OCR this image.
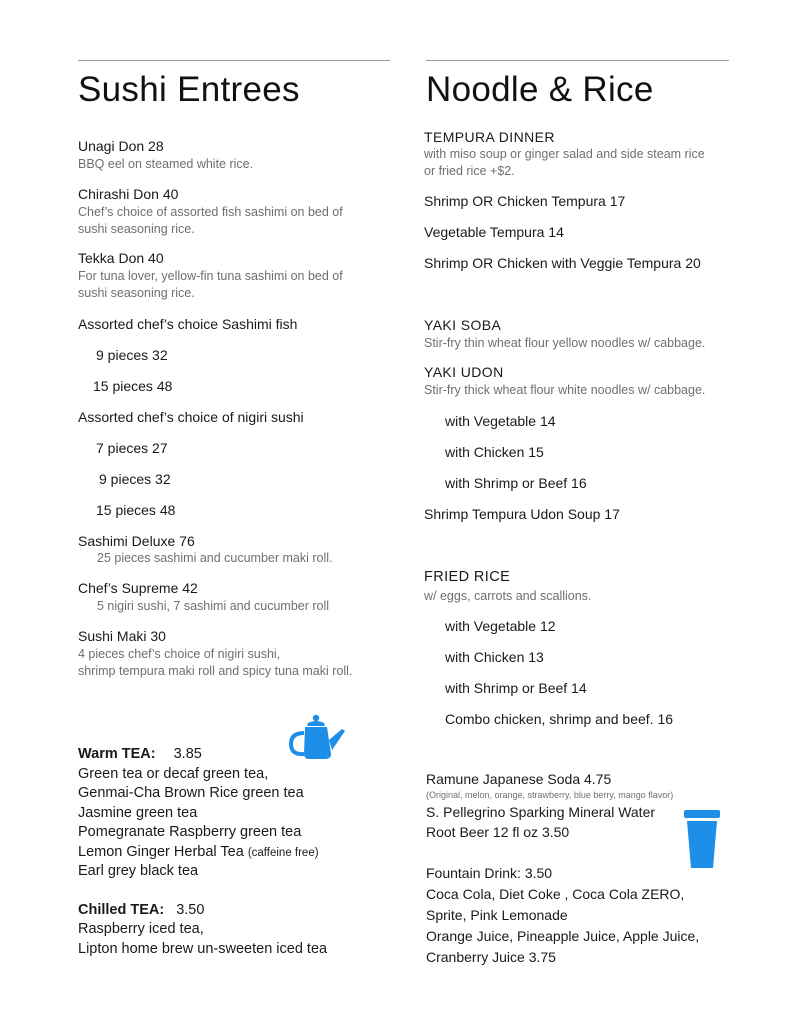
Sushi Entrees
Unagi Don 28
BBQ eel on steamed white rice.
Chirashi Don 40
Chef’s choice of assorted fish sashimi on bed of
sushi seasoning rice.
Tekka Don 40
For tuna lover, yellow-fin tuna sashimi on bed of
sushi seasoning rice.
Assorted chef’s choice Sashimi fish
9 pieces 32
15 pieces 48
Assorted chef’s choice of nigiri sushi
7 pieces 27
9 pieces 32
15 pieces 48
Sashimi Deluxe 76
25 pieces sashimi and cucumber maki roll.
Chef’s Supreme 42
5 nigiri sushi, 7 sashimi and cucumber roll
Sushi Maki 30
4 pieces chef’s choice of nigiri sushi,
shrimp tempura maki roll and spicy tuna maki roll.
Warm TEA: 3.85
Green tea or decaf green tea,
Genmai-Cha Brown Rice green tea
Jasmine green tea
Pomegranate Raspberry green tea
Lemon Ginger Herbal Tea (caffeine free)
Earl grey black tea
Chilled TEA: 3.50
Raspberry iced tea,
Lipton home brew un-sweeten iced tea
Noodle & Rice
TEMPURA DINNER
with miso soup or ginger salad and side steam rice
or fried rice +$2.
Shrimp OR Chicken Tempura 17
Vegetable Tempura 14
Shrimp OR Chicken with Veggie Tempura 20
YAKI SOBA
Stir-fry thin wheat flour yellow noodles w/ cabbage.
YAKI UDON
Stir-fry thick wheat flour white noodles w/ cabbage.
with Vegetable 14
with Chicken 15
with Shrimp or Beef 16
Shrimp Tempura Udon Soup 17
FRIED RICE
w/ eggs, carrots and scallions.
with Vegetable 12
with Chicken 13
with Shrimp or Beef 14
Combo chicken, shrimp and beef. 16
Ramune Japanese Soda 4.75
(Original, melon, orange, strawberry, blue berry, mango flavor)
S. Pellegrino Sparking Mineral Water
Root Beer 12 fl oz 3.50
Fountain Drink: 3.50
Coca Cola, Diet Coke , Coca Cola ZERO,
Sprite, Pink Lemonade
Orange Juice, Pineapple Juice, Apple Juice,
Cranberry Juice 3.75
